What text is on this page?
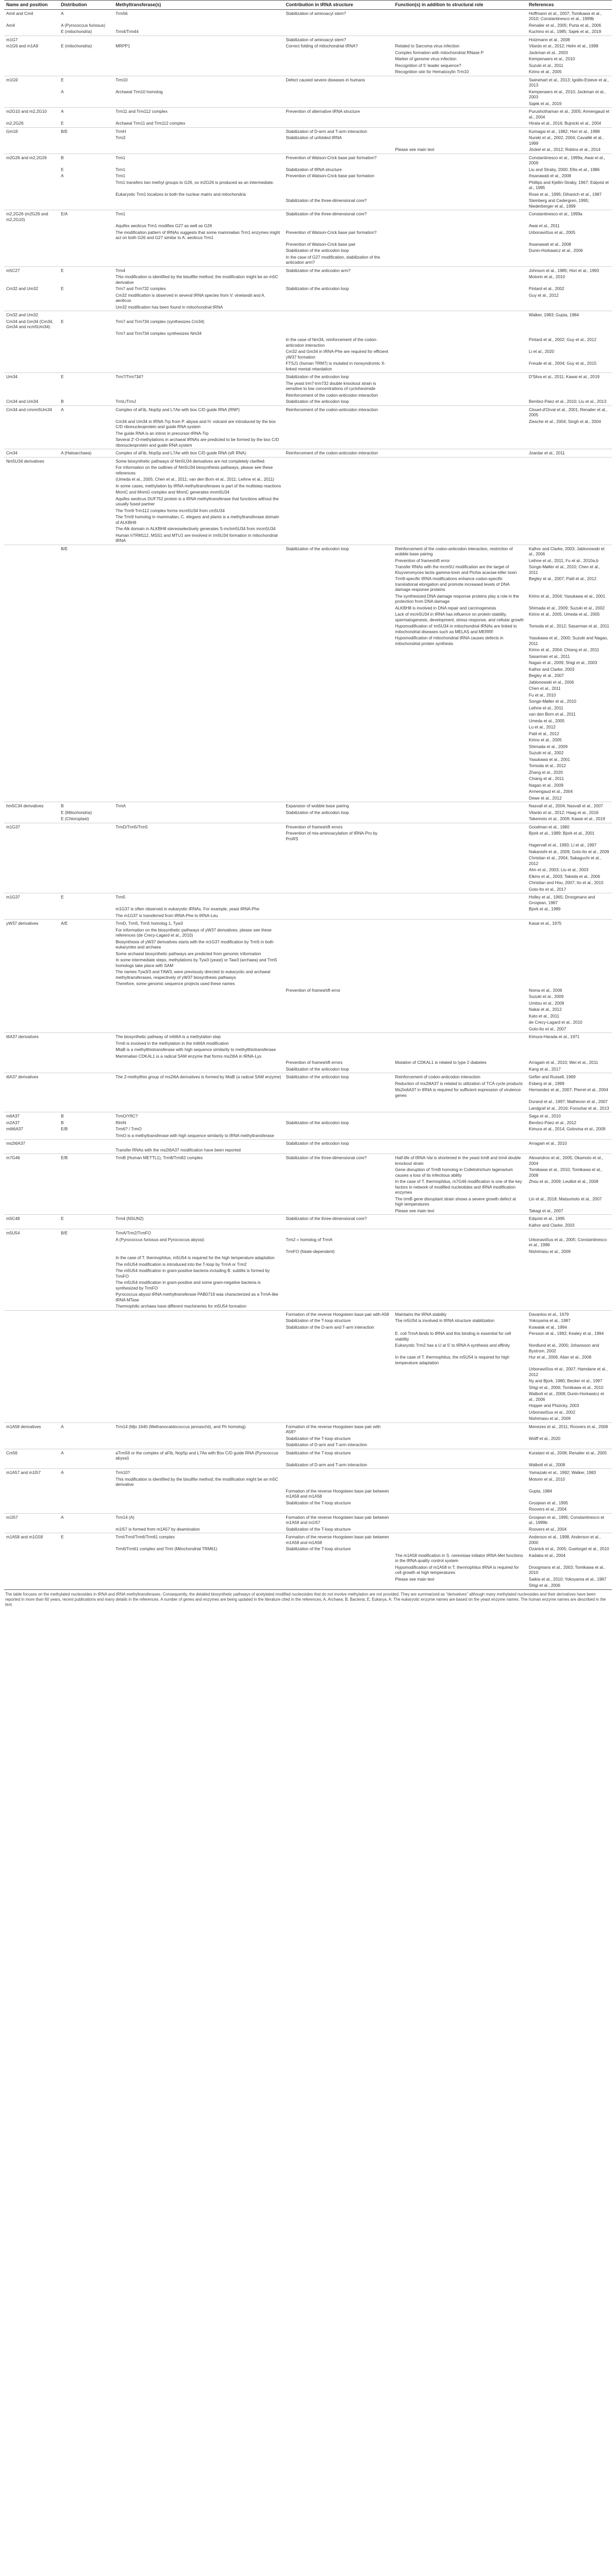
Name and position	Distribution	Methyltransferase(s)	Contribution in tRNA structure	Function(s) in addition to structural role	References
Am4 and Cm4	A	Trm56	Stabilization of aminoacyl stem?		Hoffmann et al., 2007; Tomikawa et al., 2010; Constantinesco et al., 1999b
Am4	A (Pyrococcus furiosus)				Renalier et al., 2005; Purta et al., 2006
	E (mitochondria)	Trm4/Trm44			Kuchino et al., 1985; Sajek et al., 2019
m1G7			Stabilization of aminoacyl stem?		Holzmann et al., 2008
m1G9 and m1A9	E (mitochondria)	MRPP1	Correct folding of mitochondrial tRNA?	Related to Sarcoma virus infection	Vilardo et al., 2012; Helm et al., 1998
				Complex formation with mitochondrial RNase P	Jackman et al., 2003
				Marker of genome virus infection	Kempenaers et al., 2010
				Recognition of 5' leader sequence?	Suzuki et al., 2011
				Recognition site for Hematoxylin Trm10	Kirino et al., 2005
m1G9	E	Trm10	Defect caused severe diseases in humans		Swinehart et al., 2013; Igoillo-Esteve et al., 2013
	A	Archaeal Trm10 homolog			Kempenaers et al., 2010; Jackman et al., 2003
					Sajek et al., 2019
m2G10 and m2,2G10	A	Trm11 and Trm112 complex	Prevention of alternative tRNA structure		Purushothaman et al., 2005; Armengaud et al., 2004
m2,2G26	E	Archaeal Trm11 and Trm112 complex			Hirata et al., 2016; Bujnicki et al., 2004
Gm18	B/E	TrmH	Stabilization of D-arm and T-arm interaction		Kumagai et al., 1982; Hori et al., 1998
		Trm3	Stabilization of unfolded tRNA		Nureki et al., 2002, 2004; Cavaillé et al., 1999
				Please see main text	Jöckel et al., 2012; Robins et al., 2014
m2G26 and m2,2G26	B	Trm1	Prevention of Watson-Crick base pair formation?		Constantinesco et al., 1999a; Awai et al., 2009
	E	Trm1	Stabilization of tRNA structure		Liu and Straby, 2000; Ellis et al., 1986
	A	Trm1	Prevention of Watson-Crick base pair formation		Ihsanawati et al., 2008
		Trm1 transfers two methyl groups to G26, so m2G26 is produced as an intermediate.			Phillips and Kjellin-Straby, 1967; Edqvist et al., 1995
		Eukaryotic Trm1 localizes to both the nuclear matrix and mitochondria			Rose et al., 1995; Dihanich et al., 1987
			Stabilization of the three-dimensional core?		Steinberg and Cedergren, 1995; Niederberger et al., 1999
m2,2G26 (m2G26 and m2,2G10)	E/A	Trm1	Stabilization of the three-dimensional core?		Constantinesco et al., 1999a
		Aquifex aeolicus Trm1 modifies G27 as well as G26			Awai et al., 2011
		The modification pattern of tRNAs suggests that some mammalian Trm1 enzymes might act on both G26 and G27 similar to A. aeolicus Trm1	Prevention of Watson-Crick base pair formation?		Urbonavičius et al., 2005
			Prevention of Watson-Crick base pair		Ihsanawati et al., 2008
			Stabilization of the anticodon loop		Dunin-Horkawicz et al., 2006
			In the case of G27 modification, stabilization of the anticodon arm?		
m5C27	E	Trm4	Stabilization of the anticodon arm?		Johnson et al., 1985; Hori et al., 1993
		This modification is identified by the bisulfite method; the modification might be an m5C derivative			Motorin et al., 2010
Cm32 and Um32	E	Trm7 and Trm732 complex	Stabilization of the anticodon loop		Pintard et al., 2002
		Cm32 modification is observed in several tRNA species from V. vinelandii and A. aeolicus			Guy et al., 2012
		Um32 modification has been found in mitochondrial tRNA			
Cm32 and Um32					Walker, 1983; Gupta, 1984
Cm34 and Gm34 (Cm34, Gm34 and ncm5Um34)	E	Trm7 and Trm734 complex (synthesizes Cm34)			
		Trm7 and Trm734 complex synthesizes Nm34			
			In the case of Nm34, reinforcement of the codon-anticodon interaction		Pintard et al., 2002; Guy et al., 2012
			Cm32 and Gm34 in tRNA-Phe are required for efficient yW37 formation		Li et al., 2020
			FTSJ1 (human TRM7) is mutated in nonsyndromic X-linked mental retardation		Freude et al., 2004; Guy et al., 2015
Um34	E	Trm7/Trm734?	Stabilization of the anticodon loop		D'Silva et al., 2011; Kawai et al., 2019
			The yeast trm7-trm732 double knockout strain is sensitive to low concentrations of cycloheximide		
			Reinforcement of the codon-anticodon interaction		
Cm34 and Um34	B	TrmL/TrmJ	Stabilization of the anticodon loop		Benítez-Páez et al., 2010; Liu et al., 2013
Cm34 and cmnm5Um34	A	Complex of aFib, Nop5p and L7Ae with box C/D guide RNA (RNP)	Reinforcement of the codon-anticodon interaction		Clouet-d'Orval et al., 2001; Renalier et al., 2005
		Cm34 and Um34 in tRNA-Trp from P. abyssi and H. volcanii are introduced by the box C/D ribonucleoprotein and guide RNA system			Ziesche et al., 2004; Singh et al., 2004
		The guide RNA is an intron in precursor-tRNA-Trp			
		Several 2'-O-methylations in archaeal tRNAs are predicted to be formed by the box C/D ribonucleoprotein and guide RNA system			
Cm34	A (Haloarchaea)	Complex of aFib, Nop5p and L7Ae with box C/D guide RNA (sR RNA)	Reinforcement of the codon-anticodon interaction		Joardar et al., 2011
Nm5U34 derivatives		Some biosynthetic pathways of Nm5U34 derivatives are not completely clarified.			
		For information on the outlines of Nm5U34 biosynthesis pathways, please see these references			
		(Umeda et al., 2005; Chen et al., 2011; van den Born et al., 2011; Leihne et al., 2011)			
		In some cases, methylation by tRNA methyltransferases is part of the multistep reactions			
		MnmC and MnmG complex and MnmC generates mnm5U34			
		Aquifex aeolicus DUF752 protein is a tRNA methyltransferase that functions without the usually fused partner			
		The Trm9-Trm112 complex forms mcm5U34 from cm5U34			
		The Trm9 homolog in mammalian, C. elegans and plants is a methyltransferase domain of ALKBH8			
		The Alk domain in ALKBH8 stereoselectively generates S-mchm5U34 from mcm5U34			
		Human hTRM112, MSS1 and MTU1 are involved in τm5U34 formation in mitochondrial tRNA			
	B/E		Stabilization of the anticodon loop	Reinforcement of the codon-anticodon interaction, restriction of wobble base pairing	Kalhor and Clarke, 2003; Jablonowski et al., 2006
				Prevention of frameshift error	Leihne et al., 2011; Fu et al., 2010a,b
				Transfer RNAs with the mcm5U modification are the target of Kluyveromyces lactis gamma-toxin and Pichia acaciae killer toxin	Songe-Møller et al., 2010; Chen et al., 2011
				Trm9-specific tRNA modifications enhance codon-specific translational elongation and promote increased levels of DNA damage response proteins	Begley et al., 2007; Patil et al., 2012
				The synthesized DNA damage response proteins play a role in the protection from DNA damage	Kirino et al., 2004; Yasukawa et al., 2001
				ALKBH8 is involved in DNA repair and carcinogenesis	Shimada et al., 2009; Suzuki et al., 2002
				Lack of mcm5U34 in tRNA has influence on protein stability, spermatogenesis, development, stress response, and cellular growth	Kirino et al., 2005; Umeda et al., 2005
				Hypomodification of τm5U34 in mitochondrial tRNAs are linked to mitochondrial diseases such as MELAS and MERRF	Tomoda et al., 2012; Sasarman et al., 2011
				Hypomodification of mitochondrial tRNA causes defects in mitochondrial protein synthesis	Yasukawa et al., 2000; Suzuki and Nagao, 2011
					Kirino et al., 2004; Chiang et al., 2011
					Sasarman et al., 2011
					Nagao et al., 2009; Shigi et al., 2003
					Kalhor and Clarke, 2003
					Begley et al., 2007
					Jablonowski et al., 2006
					Chen et al., 2011
					Fu et al., 2010
					Songe-Møller et al., 2010
					Leihne et al., 2011
					van den Born et al., 2011
					Umeda et al., 2005
					Lu et al., 2012
					Patil et al., 2012
					Kirino et al., 2005
					Shimada et al., 2009
					Suzuki et al., 2002
					Yasukawa et al., 2001
					Tomoda et al., 2012
					Zhang et al., 2020
					Chiang et al., 2011
					Nagao et al., 2009
					Armengaud et al., 2004
					Dewe et al., 2012
hm5C34 derivatives	B	TrmA	Expansion of wobble base pairing		Nasvall et al., 2004; Nasvall et al., 2007
	E (Mitochondria)		Stabilization of the anticodon loop		Vilardo et al., 2012; Haag et al., 2016
	E (Chloroplast)				Takemoto et al., 2009; Kawai et al., 2019
m1G37		TrmD/Trm5/Trm5	Prevention of frameshift errors		Goodman et al., 1960
			Prevention of mis-aminoacylation of tRNA-Pro by ProRS		Bjork et al., 1989; Bjork et al., 2001
					Hagervall et al., 1993; Li et al., 1997
					Nakanishi et al., 2009; Goto-Ito et al., 2009
					Christian et al., 2004; Sakaguchi et al., 2012
					Ahn et al., 2003; Liu et al., 2003
					Elkins et al., 2003; Takeda et al., 2006
					Christian and Hou, 2007; Ito et al., 2015
					Goto-Ito et al., 2017
m1G37	E	Trm5			Holley et al., 1965; Droogmans and Grosjean, 1987
		m1G37 is often observed in eukaryotic tRNAs. For example, yeast tRNA-Phe			Bjork et al., 1989
		The m1G37 is transferred from tRNA-Phe to tRNA-Leu			
yW37 derivatives	A/E	TrmD, Trm5, Trm5 homolog 1, Tyw3			Kasai et al., 1975
		For information on the biosynthetic pathways of yW37 derivatives, please see these references (de Crecy-Lagard et al., 2010)			
		Biosynthesis of yW37 derivatives starts with the m1G37 modification by Trm5 in both eukaryotes and archaea			
		Some archaeal biosynthetic pathways are predicted from genomic information			
		In some intermediate steps, methylations by Tyw3 (yeast) or Taw3 (archaea) and Trm5 homologs take place with SAM			
		The names Tyw3/3 and TAW3, were previously directed to eukaryotic and archaeal methyltransferases, respectively of yW37 biosynthesis pathways			
		Therefore, some genomic sequence projects used these names			
			Prevention of frameshift error		Noma et al., 2006
					Suzuki et al., 2009
					Umitsu et al., 2009
					Nakai et al., 2012
					Kato et al., 2011
					de Crecy-Lagard et al., 2010
					Goto-Ito et al., 2007
t6A37 derivatives		The biosynthetic pathway of m6t6A is a methylation step			Kimura-Harada et al., 1971
		Trm6 is involved in the methylation in the m6t6A modification			
		MtaB is a methylthiotransferase with high sequence similarity to methylthiotransferase			
		Mammalian CDKAL1 is a radical SAM enzyme that forms ms2t6A in tRNA-Lys			
			Prevention of frameshift errors	Mutation of CDKAL1 is related to type 2 diabetes	Arragain et al., 2010; Wei et al., 2011
			Stabilization of the anticodon loop		Kang et al., 2017
i6A37 derivatives		The 2-methylthio group of ms2i6A derivatives is formed by MiaB (a radical SAM enzyme)	Stabilization of the anticodon loop	Reinforcement of codon-anticodon interaction	Gefter and Russell, 1969
				Reduction of ms2i6A37 is related to utilization of TCA cycle products	Esberg et al., 1999
				Ms2io6A37 in tRNA is required for sufficient expression of virulence genes	Hernandez et al., 2007; Pierrel et al., 2004
					Durand et al., 1997; Mathevon et al., 2007
					Landgraf et al., 2016; Forouhar et al., 2013
m6A37	B	TrmO/YfiC?			Saga et al., 2010
m2A37	B	RlmN	Stabilization of the anticodon loop		Benítez-Páez et al., 2012
m6t6A37	E/B	Trm6? / TrmO			Kimura et al., 2014; Golovina et al., 2009
		TrmO is a methyltransferase with high sequence similarity to tRNA methyltransferase			
ms2t6A37			Stabilization of the anticodon loop		Arragain et al., 2010
		Transfer RNAs with the ms2t6A37 modification have been reported			
m7G46	E/B	TrmB (Human METTL1), Trm8/Trm82 complex	Stabilization of the three-dimensional core?	Half-life of tRNA-Val is shortened in the yeast trm8 and trm4 double knockout strain	Alexandrov et al., 2005; Okamoto et al., 2004
				Gene disruption of TrmB homolog in Colletotrichum lagenarium causes a loss of its infectious ability	Tomikawa et al., 2010; Tomikawa et al., 2008
				In the case of T. thermophilus, m7G46 modification is one of the key factors in network of modified nucleotides and tRNA modification enzymes	Zhou et al., 2009; Leulliot et al., 2008
				The trmB gene disruptant strain shows a severe growth defect at high temperatures	Lin et al., 2018; Matsumoto et al., 2007
				Please see main text	Takagi et al., 2007
m5C48	E	Trm4 (NSUN2)	Stabilization of the three-dimensional core?		Edqvist et al., 1995
					Kalhor and Clarke, 2003
m5U54	B/E	TrmA/Trm2/TrmFO			
		A (Pyrococcus furiosus and Pyrococcus abyssi)	Trm2 = homolog of TrmA		Urbonavičius et al., 2005; Constantinesco et al., 1998
			TrmFO (folate-dependent)		Nishimasu et al., 2009
		In the case of T. thermophilus, m5U54 is required for the high temperature adaptation			
		The m5U54 modification is introduced into the T-loop by TrmA or Trm2			
		The m5U54 modification in gram-positive bacteria including B. subtilis is formed by TrmFO			
		The m5U54 modification in gram-positive and some gram-negative bacteria is synthesized by TrmFO			
		Pyrococcus abyssi tRNA methyltransferase PAB0719 was characterized as a TrmA-like tRNA MTase			
		Thermophilic archaea have different machineries for m5U54 formation			
			Formation of the reverse Hoogsteen base pair with A58	Maintains the tRNA stability	Davanloo et al., 1979
			Stabilization of the T-loop structure	The m5U54 is involved in tRNA structure stabilization	Yokoyama et al., 1987
			Stabilization of the D-arm and T-arm interaction		Kowalak et al., 1994
				E. coli TrmA binds to tRNA and this binding is essential for cell viability	Persson et al., 1992; Kealey et al., 1994
				Eukaryotic Trm2 has a U at 5' to tRNA A synthesis and affinity	Nordlund et al., 2000; Johansson and Bystrom, 2002
				In the case of T. thermophilus, the m5U54 is required for high temperature adaptation	Hur et al., 2006; Alian et al., 2008
					Urbonavičius et al., 2007; Hamdane et al., 2012
					Ny and Bjork, 1980; Becker et al., 1997
					Shigi et al., 2006; Tomikawa et al., 2010
					Walbott et al., 2008; Dunin-Horkawicz et al., 2006
					Hopper and Phizicky, 2003
					Urbonavičius et al., 2002
					Nishimasu et al., 2009
m1A58 derivatives	A	Trm14 (Mjo 1640 (Methanocaldococcus jannaschii), and Ph homolog)	Formation of the reverse Hoogsteen base pair with A58?		Menezes et al., 2011; Roovers et al., 2008
			Stabilization of the T-loop structure		Wolff et al., 2020
			Stabilization of D-arm and T-arm interaction		
Cm56	A	aTrm56 or the complex of aFib, Nop5p and L7Ae with Box C/D guide RNA (Pyrococcus abyssi)	Stabilization of the T-loop structure		Kuratani et al., 2008; Renalier et al., 2005
			Stabilization of D-arm and T-arm interaction		Walbott et al., 2008
m1A57 and m1I57	A	Trm10?			Yamazaki et al., 1992; Walker, 1983
		This modification is identified by the bisulfite method; the modification might be an m5C derivative			Motorin et al., 2010
			Formation of the reverse Hoogsteen base pair between m1A58 and m1A58		Gupta, 1984
			Stabilization of the T-loop structure		Grosjean et al., 1995
					Roovers et al., 2004
m1I57	A	Trm14 (A)	Formation of the reverse Hoogsteen base pair between m1A58 and m1I57		Grosjean et al., 1995; Constantinesco et al., 1999b
		m1I57 is formed from m1A57 by deamination	Stabilization of the T-loop structure		Roovers et al., 2004
m1A58 and m1G58	E	TrmI/TrmI/Trm6/Trm61 complex	Formation of the reverse Hoogsteen base pair between m1A58 and m1A58		Anderson et al., 1998; Anderson et al., 2000
		Trm6/Trm61 complex and TrmI (Mitochondrial TRM61)	Stabilization of the T-loop structure		Ozanick et al., 2005; Guelorget et al., 2010
				The m1A58 modification in S. cerevisiae initiator tRNA-Met functions in the tRNA quality control system	Kadaba et al., 2004
				Hypomodification of m1A58 in T. thermophilus tRNA is required for cell growth at high temperatures	Droogmans et al., 2003; Tomikawa et al., 2010
				Please see main text	Saikia et al., 2010; Yokoyama et al., 1987
					Shigi et al., 2006

The table focuses on the methylated nucleosides in tRNA and tRNA methyltransferases. Consequently, the detailed biosynthetic pathways of acetylated modified nucleosides that do not involve methylation are not provided. They are summarized as "derivatives" although many methylated nucleosides and their derivatives have been reported in more than 60 years, recent publications and many details in the references. A number of genes and enzymes are being updated in the literature cited in the references; A, Archaea; B, Bacteria; E, Eukarya. A: The eukaryotic enzyme names are based on the yeast enzyme names. The human enzyme names are described in the text.
